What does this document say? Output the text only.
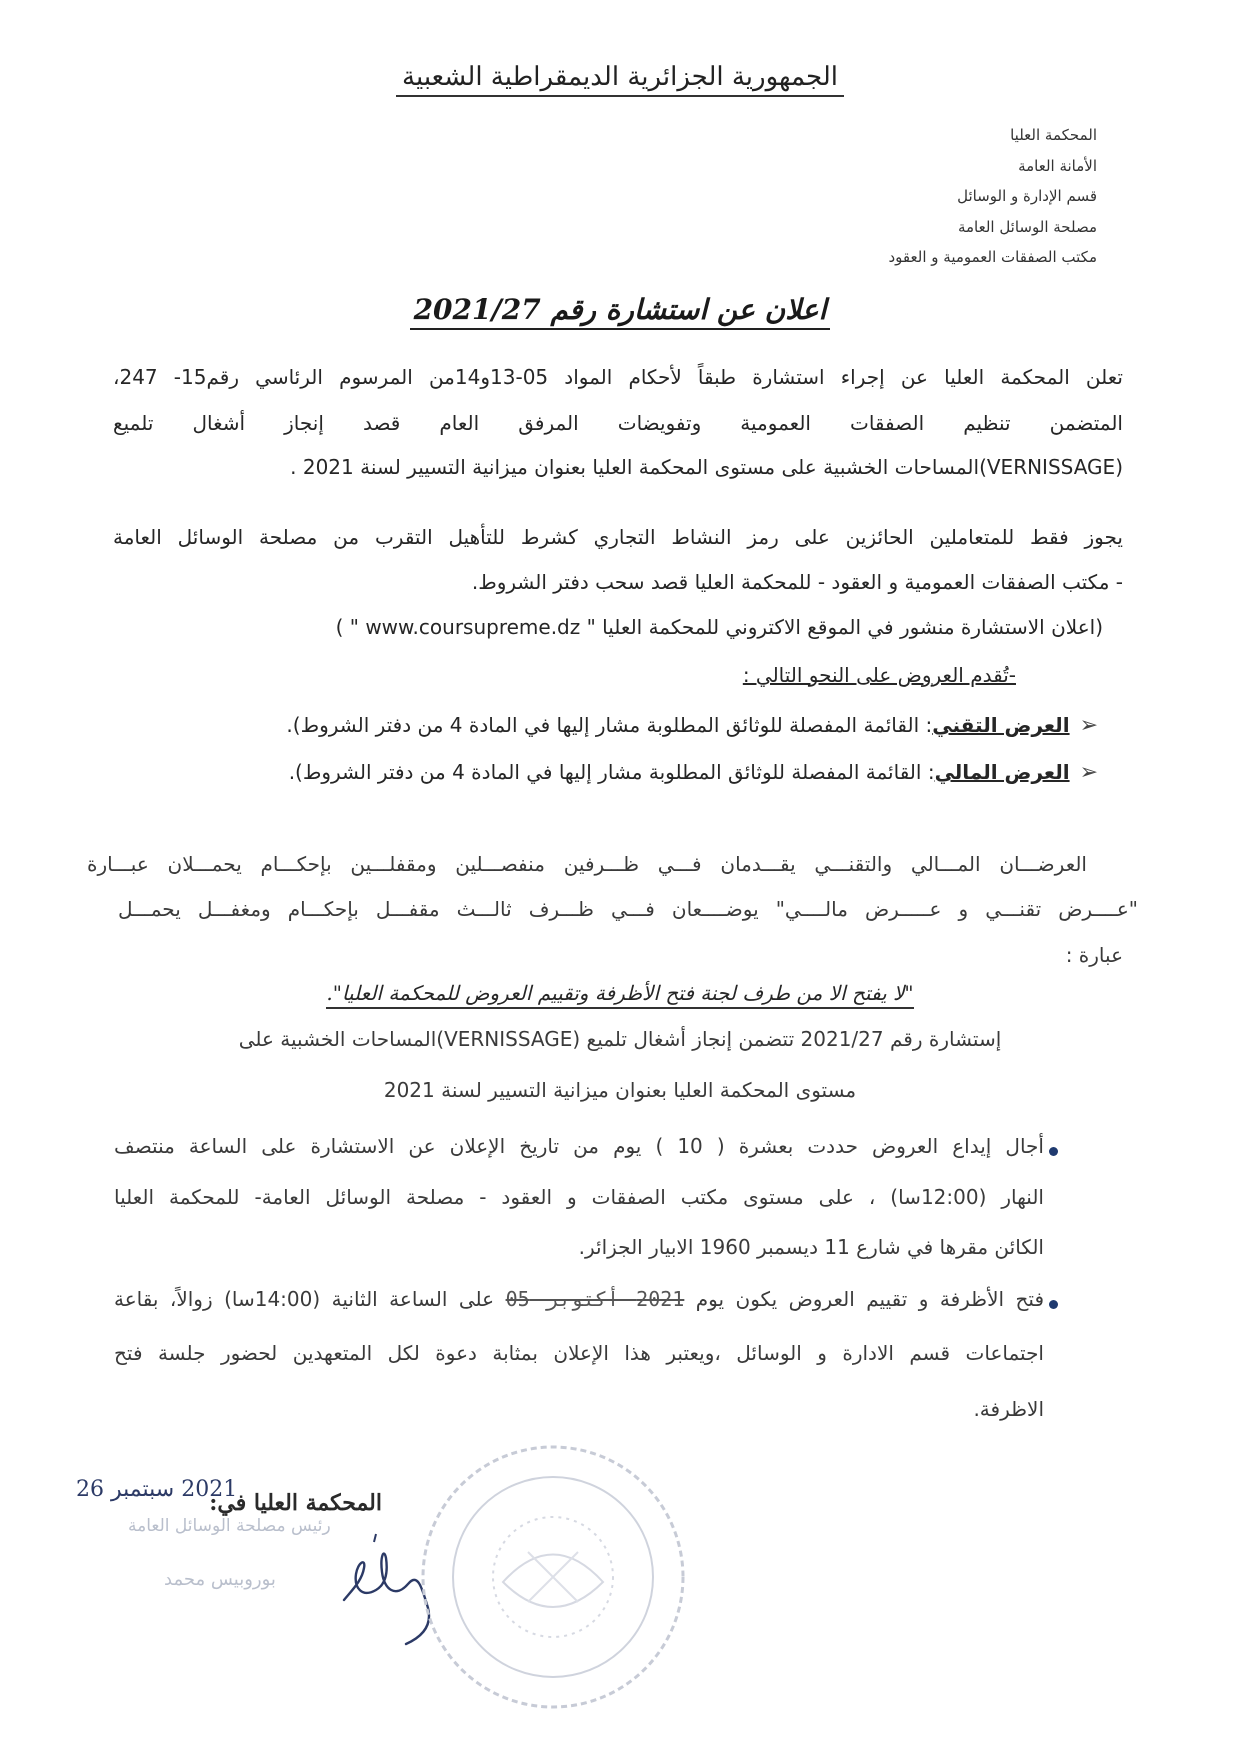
الجمهورية الجزائرية الديمقراطية الشعبية
المحكمة العليا
الأمانة العامة
قسم الإدارة و الوسائل
مصلحة الوسائل العامة
مكتب الصفقات العمومية و العقود
اعلان عن استشارة رقم 2021/27
تعلن المحكمة العليا عن إجراء استشارة طبقاً لأحكام المواد 05-13و14من المرسوم الرئاسي رقم15- 247،
المتضمن تنظيم الصفقات العمومية وتفويضات المرفق العام قصد إنجاز أشغال تلميع
(VERNISSAGE)المساحات الخشبية على مستوى المحكمة العليا بعنوان ميزانية التسيير لسنة 2021 .
يجوز فقط للمتعاملين الحائزين على رمز النشاط التجاري كشرط للتأهيل التقرب من مصلحة الوسائل العامة
- مكتب الصفقات العمومية و العقود - للمحكمة العليا قصد سحب دفتر الشروط.
(اعلان الاستشارة منشور في الموقع الاكتروني للمحكمة العليا " www.coursupreme.dz " )
-تُقدم العروض على النحو التالي :
➢العرض التقني: القائمة المفصلة للوثائق المطلوبة مشار إليها في المادة 4 من دفتر الشروط).
➢العرض المالي: القائمة المفصلة للوثائق المطلوبة مشار إليها في المادة 4 من دفتر الشروط).
العرضـــان المـــالي والتقنـــي يقـــدمان فـــي ظـــرفين منفصـــلين ومقفلـــين بإحكـــام يحمـــلان عبـــارة
"عــــرض تقنـــي و عـــــرض مالــــي" يوضــــعان فـــي ظـــرف ثالـــث مقفـــل بإحكـــام ومغفـــل يحمـــل
عبارة :
"لا يفتح الا من طرف لجنة فتح الأظرفة وتقييم العروض للمحكمة العليا".
إستشارة رقم 2021/27 تتضمن إنجاز أشغال تلميع (VERNISSAGE)المساحات الخشبية على
مستوى المحكمة العليا بعنوان ميزانية التسيير لسنة 2021
أجال إيداع العروض حددت بعشرة ( 10 ) يوم من تاريخ الإعلان عن الاستشارة على الساعة منتصف
النهار (12:00سا) ، على مستوى مكتب الصفقات و العقود - مصلحة الوسائل العامة- للمحكمة العليا
الكائن مقرها في شارع 11 ديسمبر 1960 الابيار الجزائر.
فتح الأظرفة و تقييم العروض يكون يوم 2021 أكتوبر 05 على الساعة الثانية (14:00سا) زوالاً، بقاعة
اجتماعات قسم الادارة و الوسائل ،ويعتبر هذا الإعلان بمثابة دعوة لكل المتعهدين لحضور جلسة فتح
الاظرفة.
المحكمة العليا في:
2021 سبتمبر 26
رئيس مصلحة الوسائل العامة
بوروبيس محمد
